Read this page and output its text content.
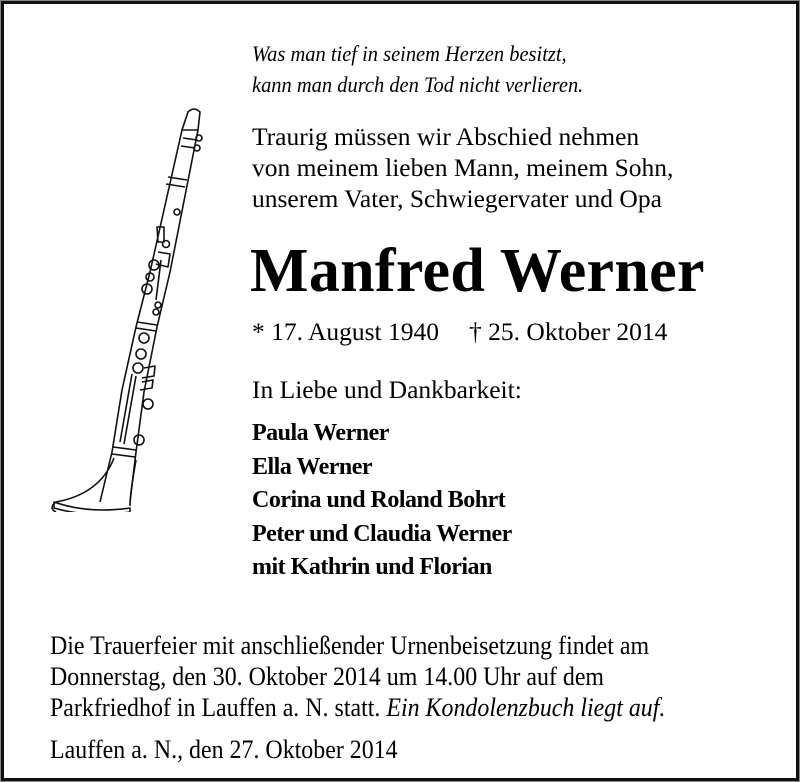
Was man tief in seinem Herzen besitzt,
kann man durch den Tod nicht verlieren.
Traurig müssen wir Abschied nehmen
von meinem lieben Mann, meinem Sohn,
unserem Vater, Schwiegervater und Opa
Manfred Werner
* 17. August 1940 † 25. Oktober 2014
In Liebe und Dankbarkeit:
Paula Werner
Ella Werner
Corina und Roland Bohrt
Peter und Claudia Werner
mit Kathrin und Florian
Die Trauerfeier mit anschließender Urnenbeisetzung findet am
Donnerstag, den 30. Oktober 2014 um 14.00 Uhr auf dem
Parkfriedhof in Lauffen a. N. statt. Ein Kondolenzbuch liegt auf.
Lauffen a. N., den 27. Oktober 2014
